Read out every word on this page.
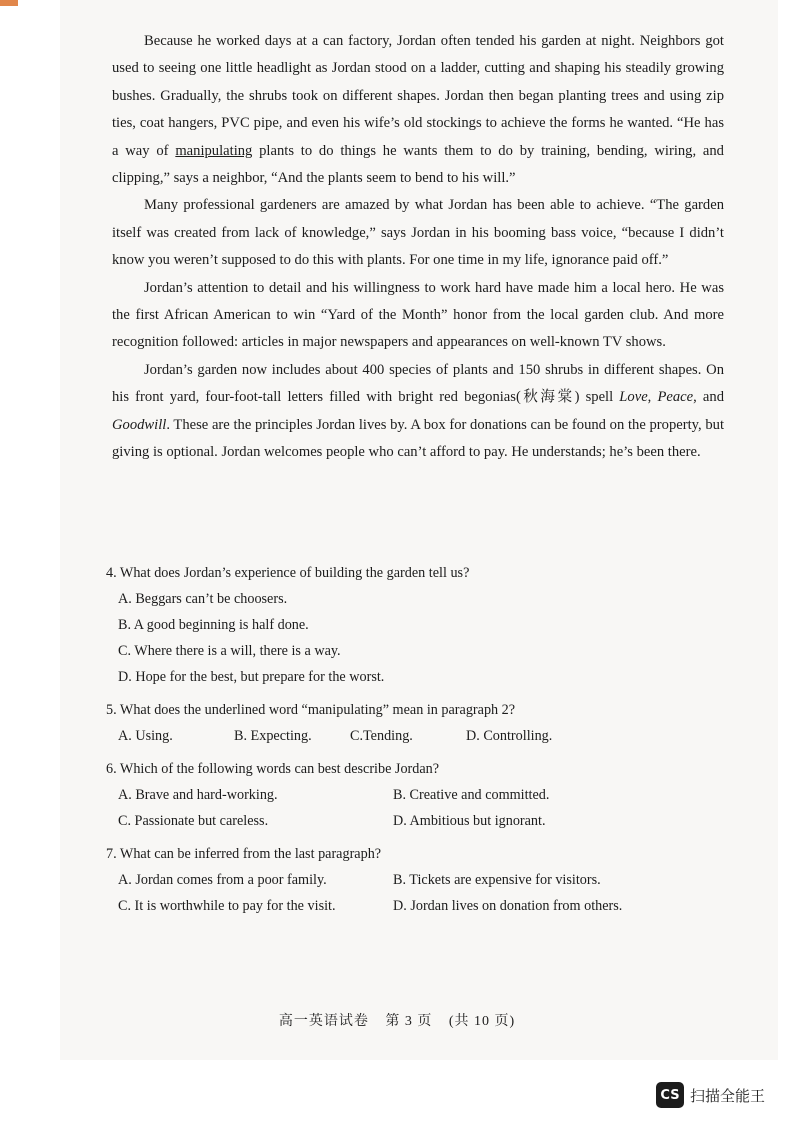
Because he worked days at a can factory, Jordan often tended his garden at night. Neighbors got used to seeing one little headlight as Jordan stood on a ladder, cutting and shaping his steadily growing bushes. Gradually, the shrubs took on different shapes. Jordan then began planting trees and using zip ties, coat hangers, PVC pipe, and even his wife’s old stockings to achieve the forms he wanted. “He has a way of manipulating plants to do things he wants them to do by training, bending, wiring, and clipping,” says a neighbor, “And the plants seem to bend to his will.”

Many professional gardeners are amazed by what Jordan has been able to achieve. “The garden itself was created from lack of knowledge,” says Jordan in his booming bass voice, “because I didn’t know you weren’t supposed to do this with plants. For one time in my life, ignorance paid off.”

Jordan’s attention to detail and his willingness to work hard have made him a local hero. He was the first African American to win “Yard of the Month” honor from the local garden club. And more recognition followed: articles in major newspapers and appearances on well-known TV shows.

Jordan’s garden now includes about 400 species of plants and 150 shrubs in different shapes. On his front yard, four-foot-tall letters filled with bright red begonias(秋海棠) spell Love, Peace, and Goodwill. These are the principles Jordan lives by. A box for donations can be found on the property, but giving is optional. Jordan welcomes people who can’t afford to pay. He understands; he’s been there.

4. What does Jordan’s experience of building the garden tell us?

A. Beggars can’t be choosers.
B. A good beginning is half done.
C. Where there is a will, there is a way.
D. Hope for the best, but prepare for the worst.

5. What does the underlined word “manipulating” mean in paragraph 2?

A. Using.	B. Expecting.	C.Tending.	D. Controlling.

6. Which of the following words can best describe Jordan?

A. Brave and hard-working.	B. Creative and committed.
C. Passionate but careless.	D. Ambitious but ignorant.

7. What can be inferred from the last paragraph?

A. Jordan comes from a poor family.	B. Tickets are expensive for visitors.
C. It is worthwhile to pay for the visit.	D. Jordan lives on donation from others.
高一英语试卷 第 3 页 (共 10 页)
CS 扫描全能王
